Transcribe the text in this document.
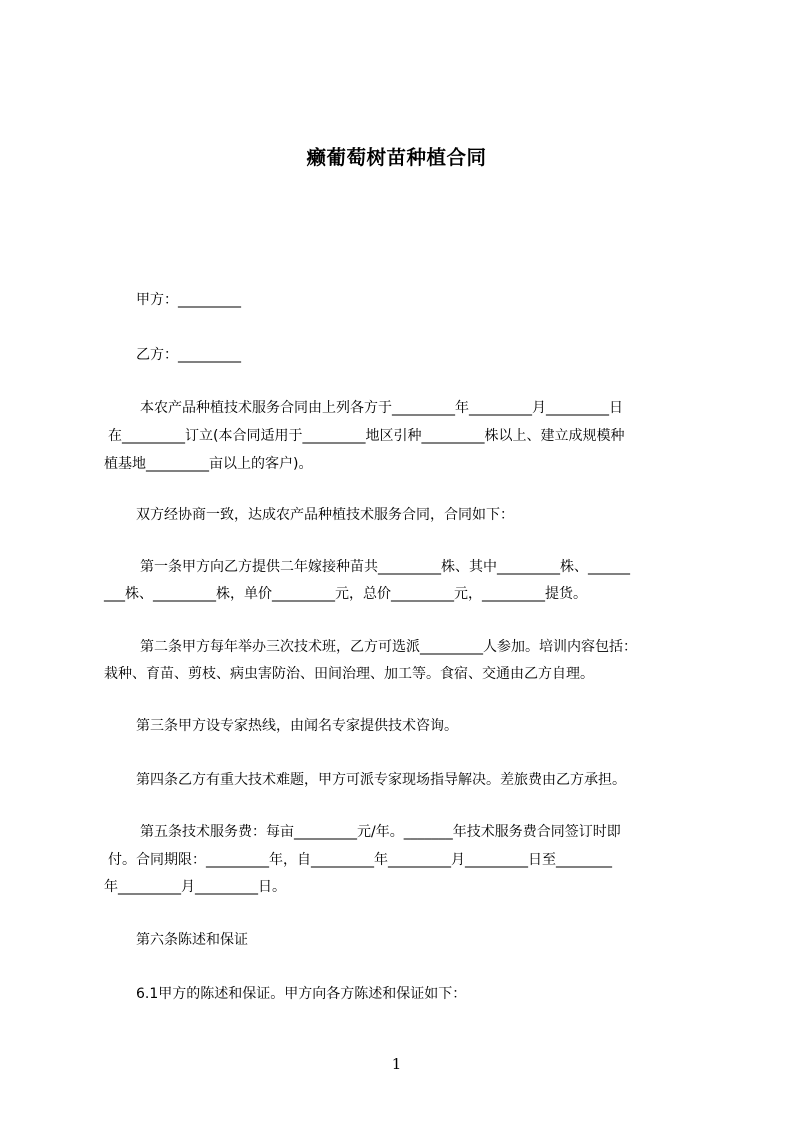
癞葡萄树苗种植合同
甲方：_________
乙方：_________
本农产品种植技术服务合同由上列各方于_________年_________月_________日
在_________订立(本合同适用于_________地区引种_________株以上、建立成规模种
植基地_________亩以上的客户)。
双方经协商一致，达成农产品种植技术服务合同，合同如下：
第一条甲方向乙方提供二年嫁接种苗共_________株、其中_________株、______
___株、_________株，单价_________元，总价_________元，_________提货。
第二条甲方每年举办三次技术班，乙方可选派_________人参加。培训内容包括：
栽种、育苗、剪枝、病虫害防治、田间治理、加工等。食宿、交通由乙方自理。
第三条甲方设专家热线，由闻名专家提供技术咨询。
第四条乙方有重大技术难题，甲方可派专家现场指导解决。差旅费由乙方承担。
第五条技术服务费：每亩_________元/年。_______年技术服务费合同签订时即
付。合同期限：_________年，自_________年_________月_________日至________
年_________月_________日。
第六条陈述和保证
6.1甲方的陈述和保证。甲方向各方陈述和保证如下：
1
